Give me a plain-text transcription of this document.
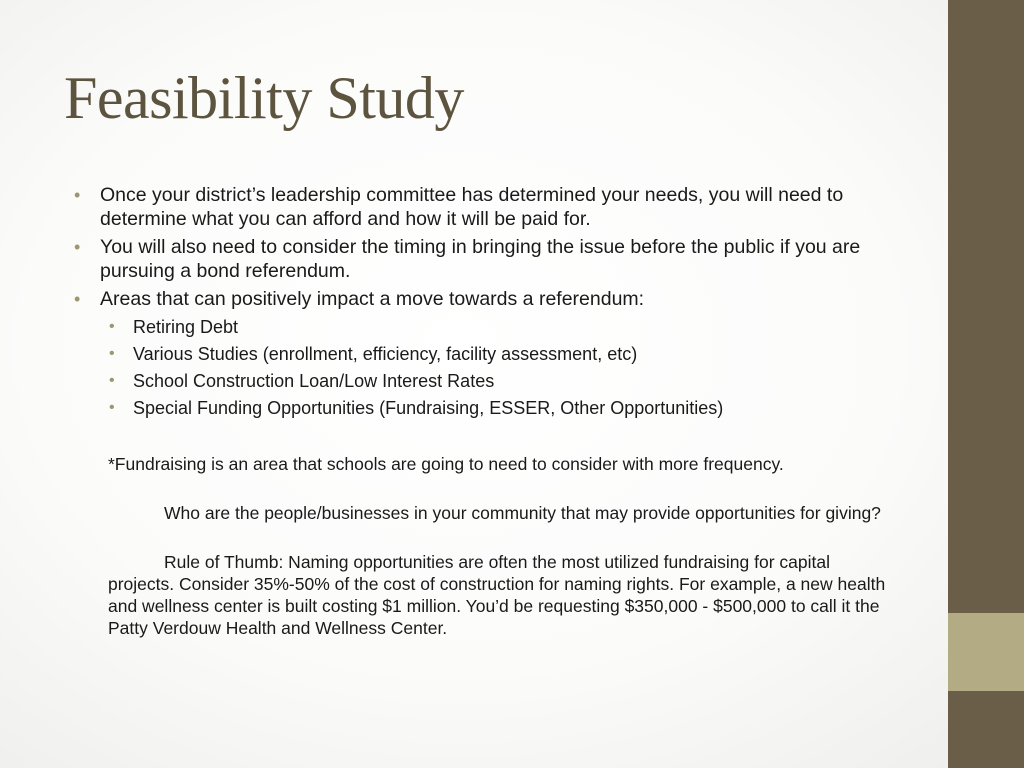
Feasibility Study
• Once your district’s leadership committee has determined your needs, you will need to determine what you can afford and how it will be paid for.
• You will also need to consider the timing in bringing the issue before the public if you are pursuing a bond referendum.
• Areas that can positively impact a move towards a referendum:
• Retiring Debt
• Various Studies (enrollment, efficiency, facility assessment, etc)
• School Construction Loan/Low Interest Rates
• Special Funding Opportunities (Fundraising, ESSER, Other Opportunities)
*Fundraising is an area that schools are going to need to consider with more frequency.
Who are the people/businesses in your community that may provide opportunities for giving?
Rule of Thumb: Naming opportunities are often the most utilized fundraising for capital projects. Consider 35%-50% of the cost of construction for naming rights. For example, a new health and wellness center is built costing $1 million. You’d be requesting $350,000 - $500,000 to call it the Patty Verdouw Health and Wellness Center.
